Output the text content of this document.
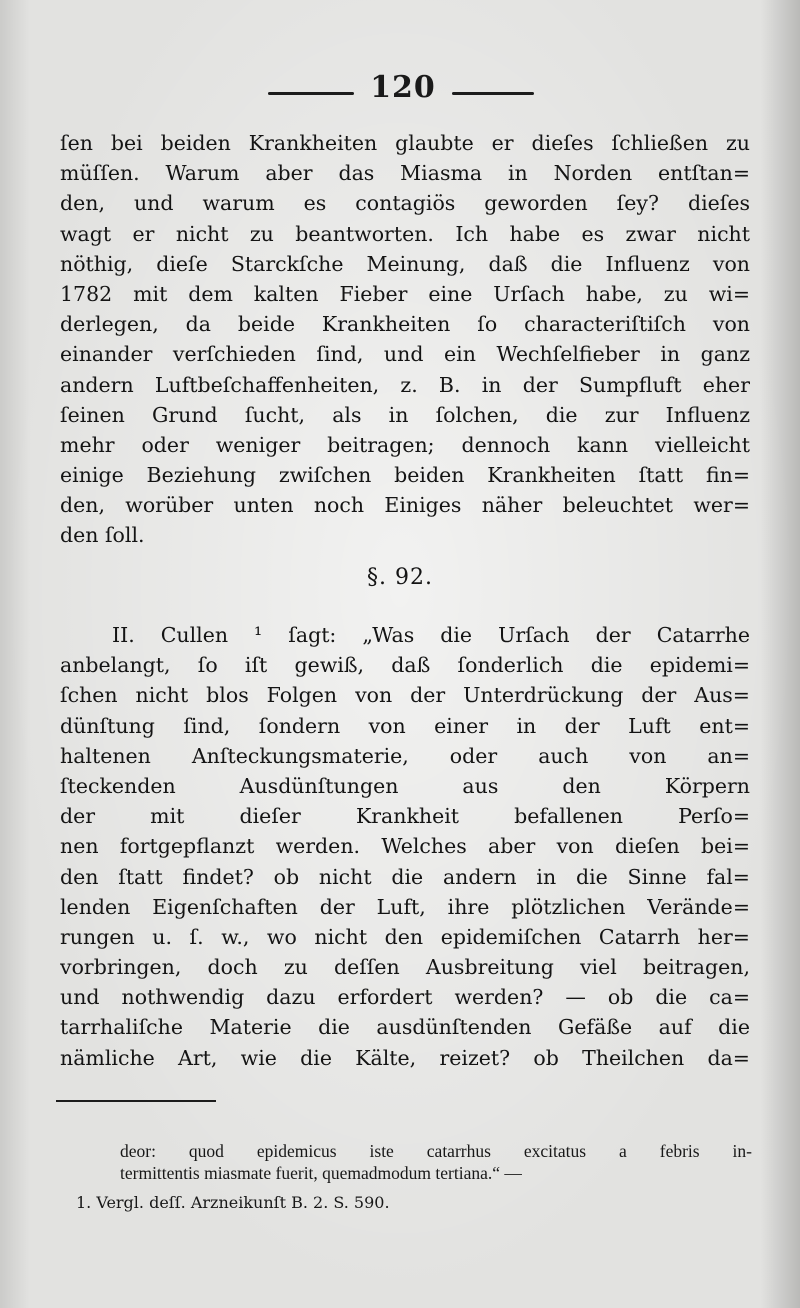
120
ſen bei beiden Krankheiten glaubte er dieſes ſchließen zu
müſſen. Warum aber das Miasma in Norden entſtan=
den, und warum es contagiös geworden ſey? dieſes
wagt er nicht zu beantworten. Ich habe es zwar nicht
nöthig, dieſe Starckſche Meinung, daß die Influenz von
1782 mit dem kalten Fieber eine Urſach habe, zu wi=
derlegen, da beide Krankheiten ſo characteriſtiſch von
einander verſchieden ſind, und ein Wechſelfieber in ganz
andern Luftbeſchaffenheiten, z. B. in der Sumpfluft eher
ſeinen Grund ſucht, als in ſolchen, die zur Influenz
mehr oder weniger beitragen; dennoch kann vielleicht
einige Beziehung zwiſchen beiden Krankheiten ſtatt fin=
den, worüber unten noch Einiges näher beleuchtet wer=
den ſoll.
§. 92.
II. Cullen ¹ ſagt: „Was die Urſach der Catarrhe
anbelangt, ſo iſt gewiß, daß ſonderlich die epidemi=
ſchen nicht blos Folgen von der Unterdrückung der Aus=
dünſtung ſind, ſondern von einer in der Luft ent=
haltenen Anſteckungsmaterie, oder auch von an=
ſteckenden Ausdünſtungen aus den Körpern
der mit dieſer Krankheit befallenen Perſo=
nen fortgepflanzt werden. Welches aber von dieſen bei=
den ſtatt findet? ob nicht die andern in die Sinne fal=
lenden Eigenſchaften der Luft, ihre plötzlichen Verände=
rungen u. ſ. w., wo nicht den epidemiſchen Catarrh her=
vorbringen, doch zu deſſen Ausbreitung viel beitragen,
und nothwendig dazu erfordert werden? — ob die ca=
tarrhaliſche Materie die ausdünſtenden Gefäße auf die
nämliche Art, wie die Kälte, reizet? ob Theilchen da=
deor: quod epidemicus iste catarrhus excitatus a febris in-
termittentis miasmate fuerit, quemadmodum tertiana.“ —
1. Vergl. deſſ. Arzneikunſt B. 2. S. 590.
